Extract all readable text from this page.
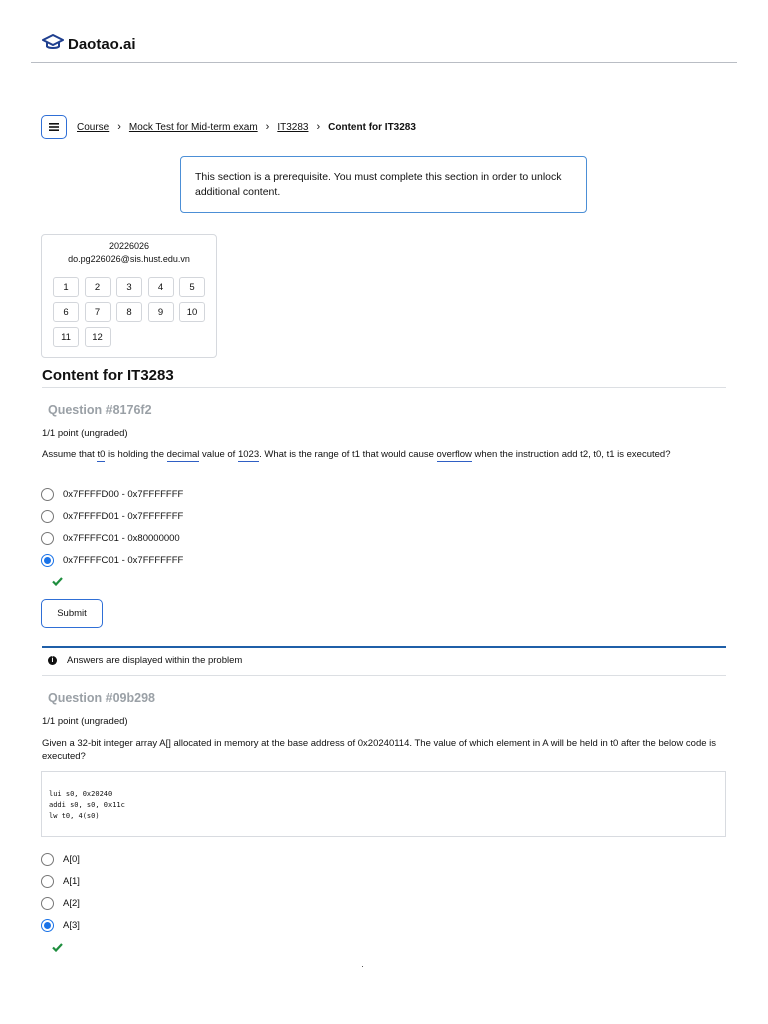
Daotao.ai
Course › Mock Test for Mid-term exam › IT3283 › Content for IT3283
This section is a prerequisite. You must complete this section in order to unlock additional content.
20226026
do.pg226026@sis.hust.edu.vn
1	2	3	4	5
6	7	8	9	10
11	12
Content for IT3283
Question #8176f2
1/1 point (ungraded)
Assume that t0 is holding the decimal value of 1023. What is the range of t1 that would cause overflow when the instruction add t2, t0, t1 is executed?
0x7FFFFD00 - 0x7FFFFFFF
0x7FFFFD01 - 0x7FFFFFFF
0x7FFFFC01 - 0x80000000
0x7FFFFC01 - 0x7FFFFFFF
Submit
i	Answers are displayed within the problem
Question #09b298
1/1 point (ungraded)
Given a 32-bit integer array A[] allocated in memory at the base address of 0x20240114. The value of which element in A will be held in t0 after the below code is executed?
lui s0, 0x20240
addi s0, s0, 0x11c
lw t0, 4(s0)
A[0]
A[1]
A[2]
A[3]
